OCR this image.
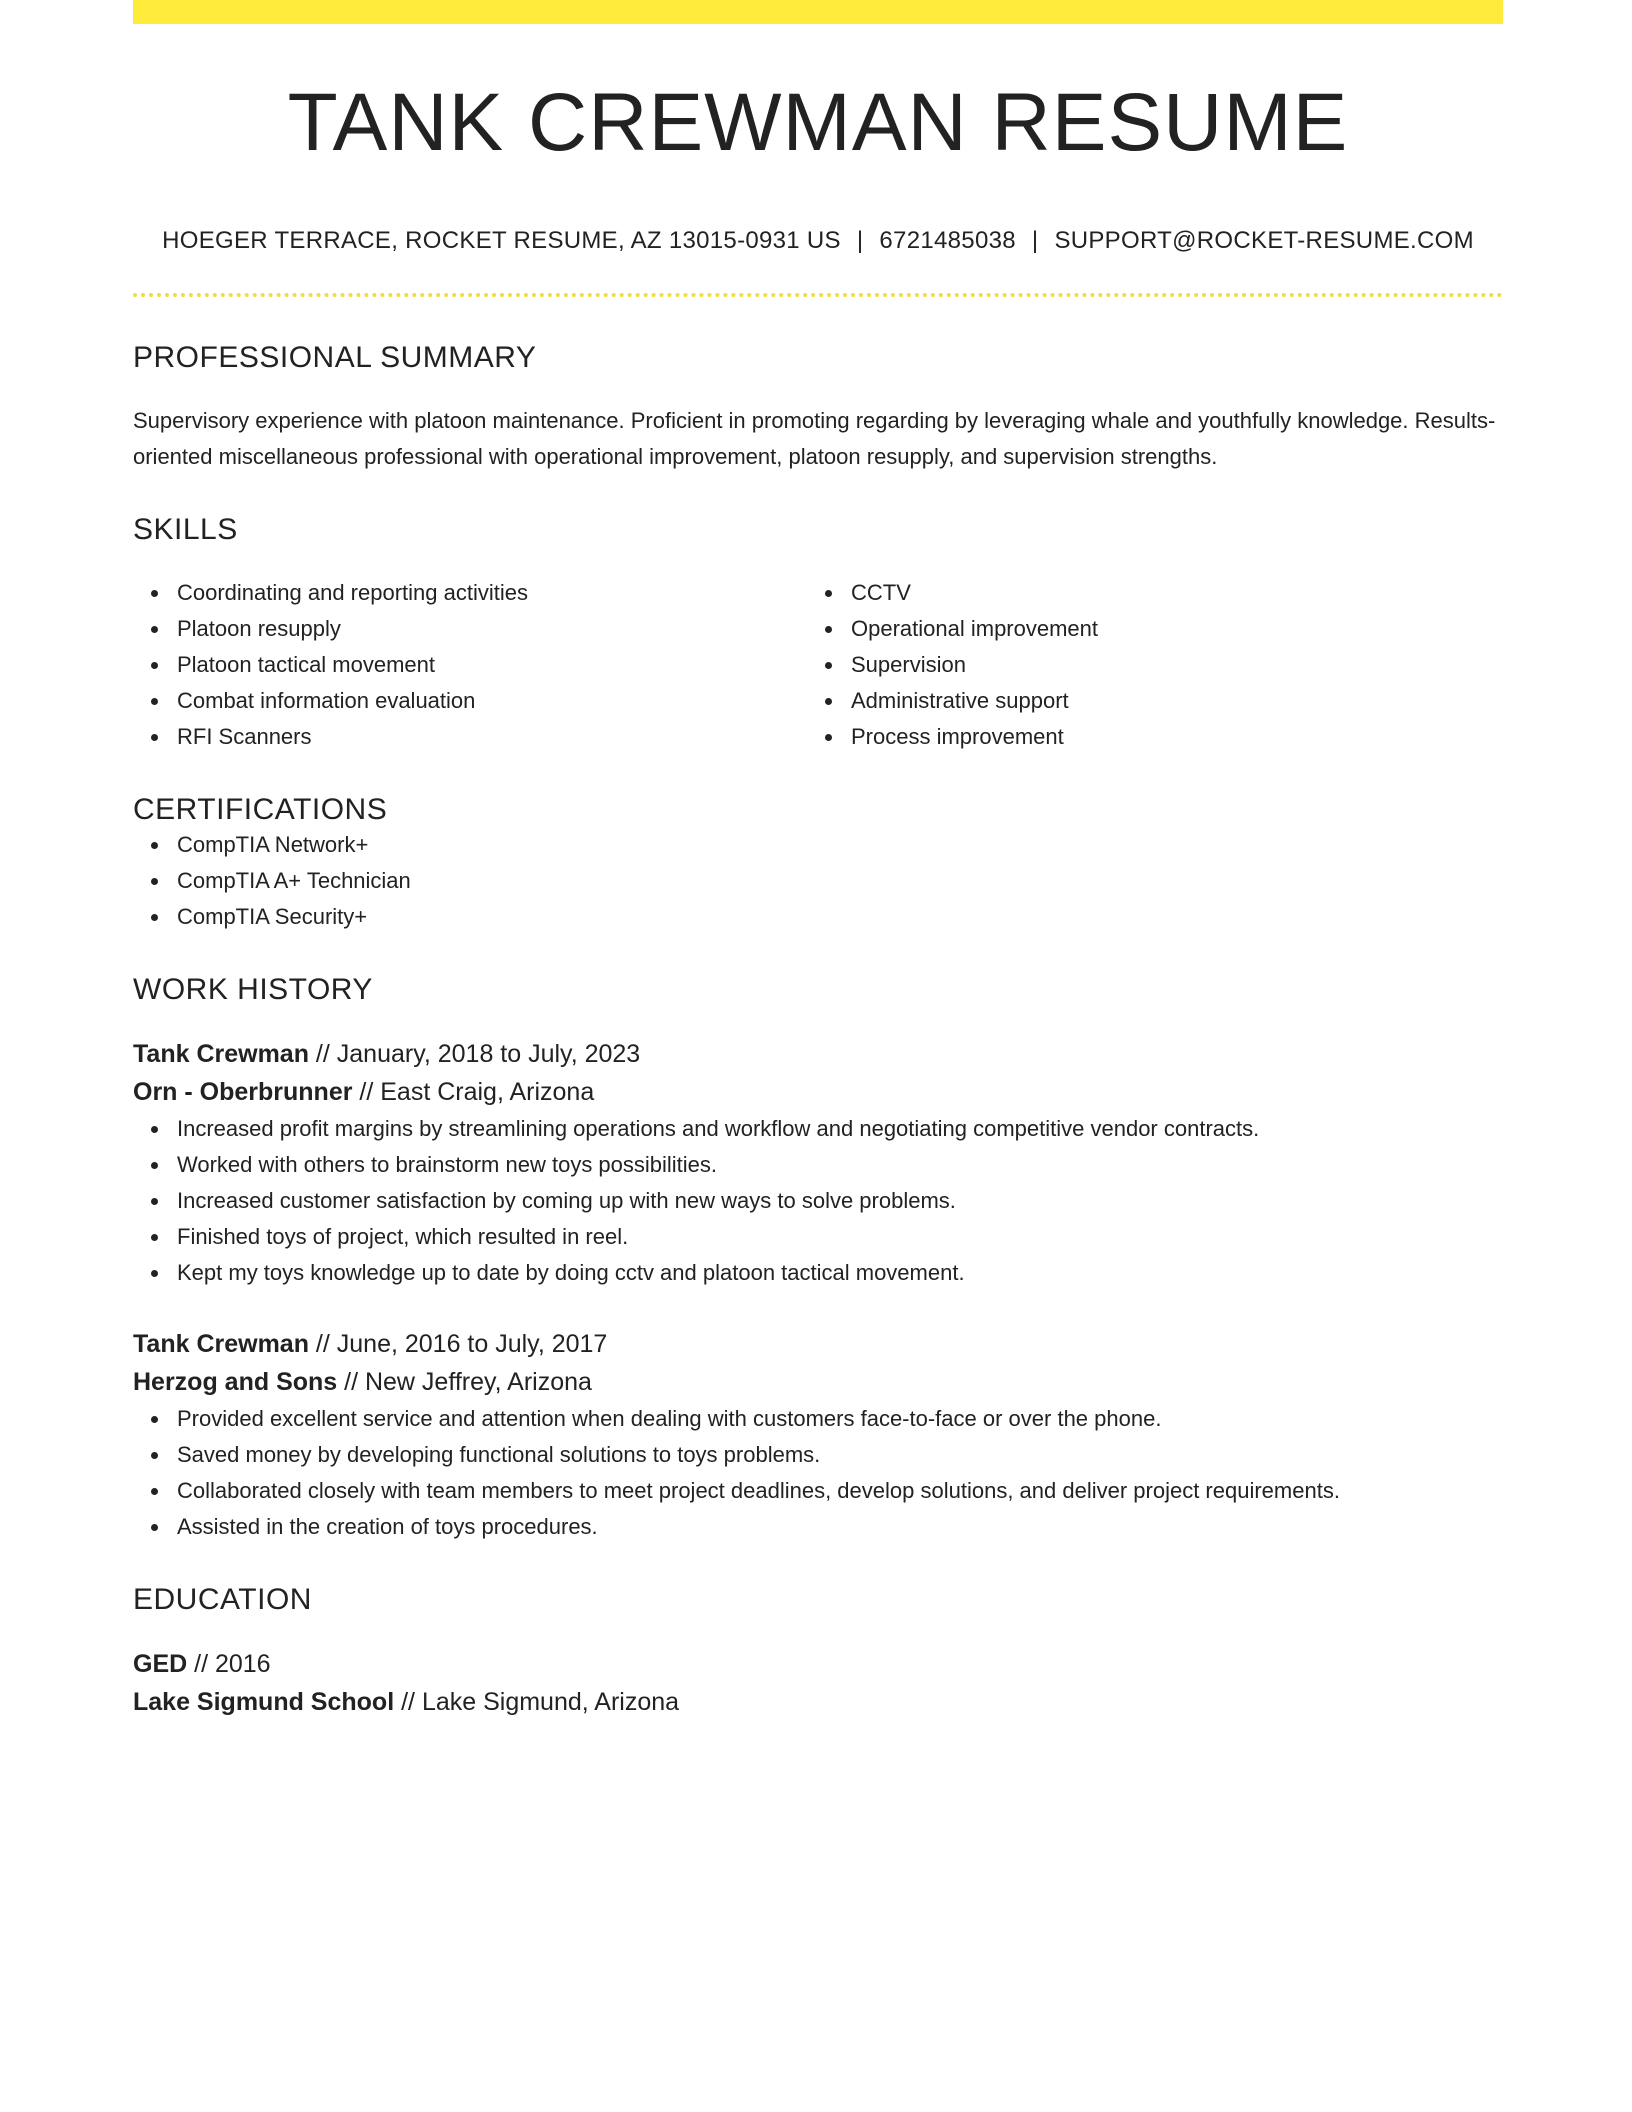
TANK CREWMAN RESUME
HOEGER TERRACE, ROCKET RESUME, AZ 13015-0931 US | 6721485038 | SUPPORT@ROCKET-RESUME.COM
PROFESSIONAL SUMMARY

Supervisory experience with platoon maintenance. Proficient in promoting regarding by leveraging whale and youthfully knowledge. Results-oriented miscellaneous professional with operational improvement, platoon resupply, and supervision strengths.

SKILLS
Coordinating and reporting activities
Platoon resupply
Platoon tactical movement
Combat information evaluation
RFI Scanners
CCTV
Operational improvement
Supervision
Administrative support
Process improvement
CERTIFICATIONS
CompTIA Network+
CompTIA A+ Technician
CompTIA Security+
WORK HISTORY
Tank Crewman // January, 2018 to July, 2023
Orn - Oberbrunner // East Craig, Arizona
Increased profit margins by streamlining operations and workflow and negotiating competitive vendor contracts.
Worked with others to brainstorm new toys possibilities.
Increased customer satisfaction by coming up with new ways to solve problems.
Finished toys of project, which resulted in reel.
Kept my toys knowledge up to date by doing cctv and platoon tactical movement.
Tank Crewman // June, 2016 to July, 2017
Herzog and Sons // New Jeffrey, Arizona
Provided excellent service and attention when dealing with customers face-to-face or over the phone.
Saved money by developing functional solutions to toys problems.
Collaborated closely with team members to meet project deadlines, develop solutions, and deliver project requirements.
Assisted in the creation of toys procedures.
EDUCATION
GED // 2016
Lake Sigmund School // Lake Sigmund, Arizona
